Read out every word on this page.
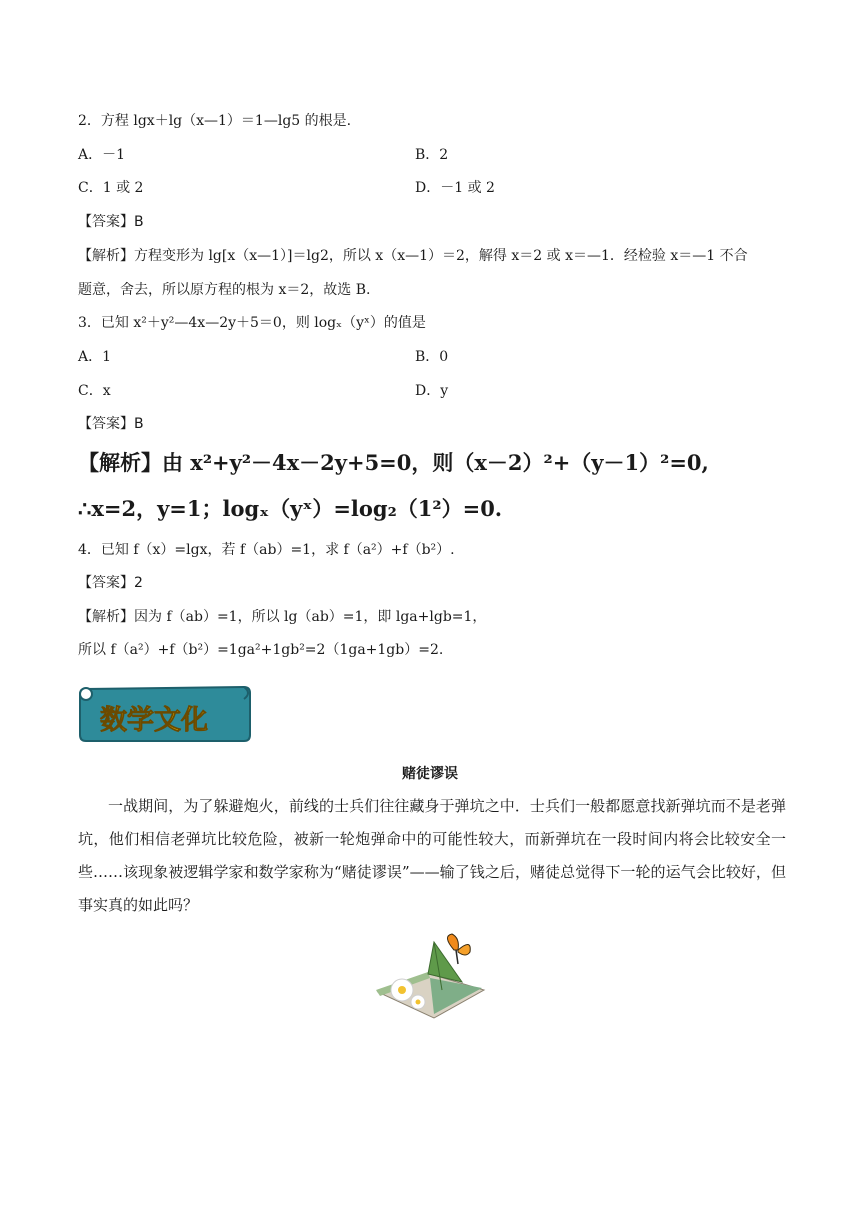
2．方程 lgx＋lg（x—1）＝1—lg5 的根是.
A．－1	B．2
C．1 或 2	D．－1 或 2
【答案】B
【解析】方程变形为 lg[x（x—1）]＝lg2，所以 x（x—1）＝2，解得 x＝2 或 x＝—1．经检验 x＝—1 不合
题意，舍去，所以原方程的根为 x＝2，故选 B.
3．已知 x²＋y²—4x—2y＋5＝0，则 logₓ（yˣ）的值是
A．1	B．0
C．x	D．y
【答案】B
【解析】由 x²+y²－4x－2y+5=0，则（x－2）²+（y－1）²=0,
∴x=2，y=1；logₓ（yˣ）=log₂（1²）=0.
4．已知 f（x）=lgx，若 f（ab）=1，求 f（a²）+f（b²）.
【答案】2
【解析】因为 f（ab）=1，所以 lg（ab）=1，即 lga+lgb=1，
所以 f（a²）+f（b²）=1ga²+1gb²=2（1ga+1gb）=2.
数学文化
赌徒谬误

一战期间，为了躲避炮火，前线的士兵们往往藏身于弹坑之中．士兵们一般都愿意找新弹坑而不是老弹坑，他们相信老弹坑比较危险，被新一轮炮弹命中的可能性较大，而新弹坑在一段时间内将会比较安全一些……该现象被逻辑学家和数学家称为“赌徒谬误”——输了钱之后，赌徒总觉得下一轮的运气会比较好，但事实真的如此吗？
